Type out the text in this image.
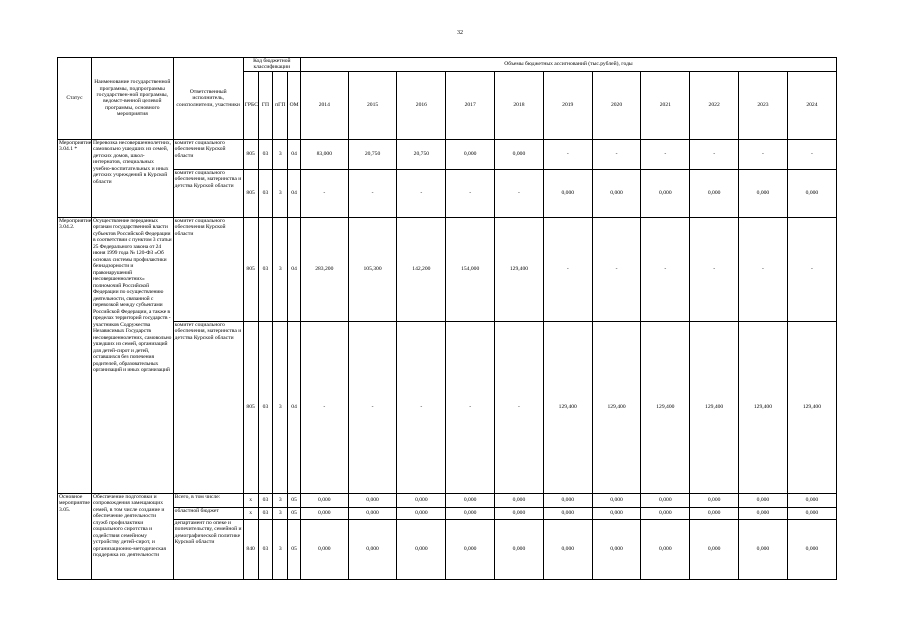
32
Статус	Наименование государственной программы, подпрограммы государствен-ной программы, ведомст-венной целевой программы, основного мероприятия	Ответственный исполнитель, соисполнители, участники	Код бюджетной классификации				Объемы бюджетных ассигнований (тыс.рублей), годы										
			ГРБС	ГП	пГП	ОМ	2014	2015	2016	2017	2018	2019	2020	2021	2022	2023	2024
Мероприятие 3.04.1 *	Перевозка несовершеннолетних, самовольно ушедших из семей, детских домов, школ-интернатов, специальных учебно-воспитательных и иных детских учреждений в Курской области	комитет социального обеспечения Курской области	805	03	3	04	83,000	20,750	20,750	0,000	0,000	-	-	-	-	-	-
		комитет социального обеспечения, материнства и детства Курской области	805	03	3	04	-	-	-	-	-	0,000	0,000	0,000	0,000	0,000	0,000
Мероприятие 3.04.2.	Осуществление переданных органам государственной власти субъектов Российской Федерации в соответствии с пунктом 3 статьи 25 Федерального закона от 24 июня 1999 года № 120-ФЗ «Об основах системы профилактики безнадзорности и правонарушений несовершеннолетних» полномочий Российской Федерации по осуществлению деятельности, связанной с перевозкой между субъектами Российской Федерации, а также в пределах территорий государств - участников Содружества Независимых Государств несовершеннолетних, самовольно ушедших из семей, организаций для детей-сирот и детей, оставшихся без попечения родителей, образовательных организаций и иных организаций	комитет социального обеспечения Курской области	805	03	3	04	283,200	105,300	142,200	154,000	129,400	-	-	-	-	-	-
		комитет социального обеспечения, материнства и детства Курской области	805	03	3	04	-	-	-	-	-	129,400	129,400	129,400	129,400	129,400	129,400
Основное мероприятие 3.05.	Обеспечение подготовки и сопровождения замещающих семей, в том числе создание и обеспечение деятельности служб профилактики социального сиротства и содействия семейному устройству детей-сирот, и организационно-методическая поддержка их деятельности	Всего, в том числе:	х	03	3	05	0,000	0,000	0,000	0,000	0,000	0,000	0,000	0,000	0,000	0,000	0,000
		областной бюджет	х	03	3	05	0,000	0,000	0,000	0,000	0,000	0,000	0,000	0,000	0,000	0,000	0,000
		департамент по опеке и попечительству, семейной и демографической политике Курской области	840	03	3	05	0,000	0,000	0,000	0,000	0,000	0,000	0,000	0,000	0,000	0,000	0,000
